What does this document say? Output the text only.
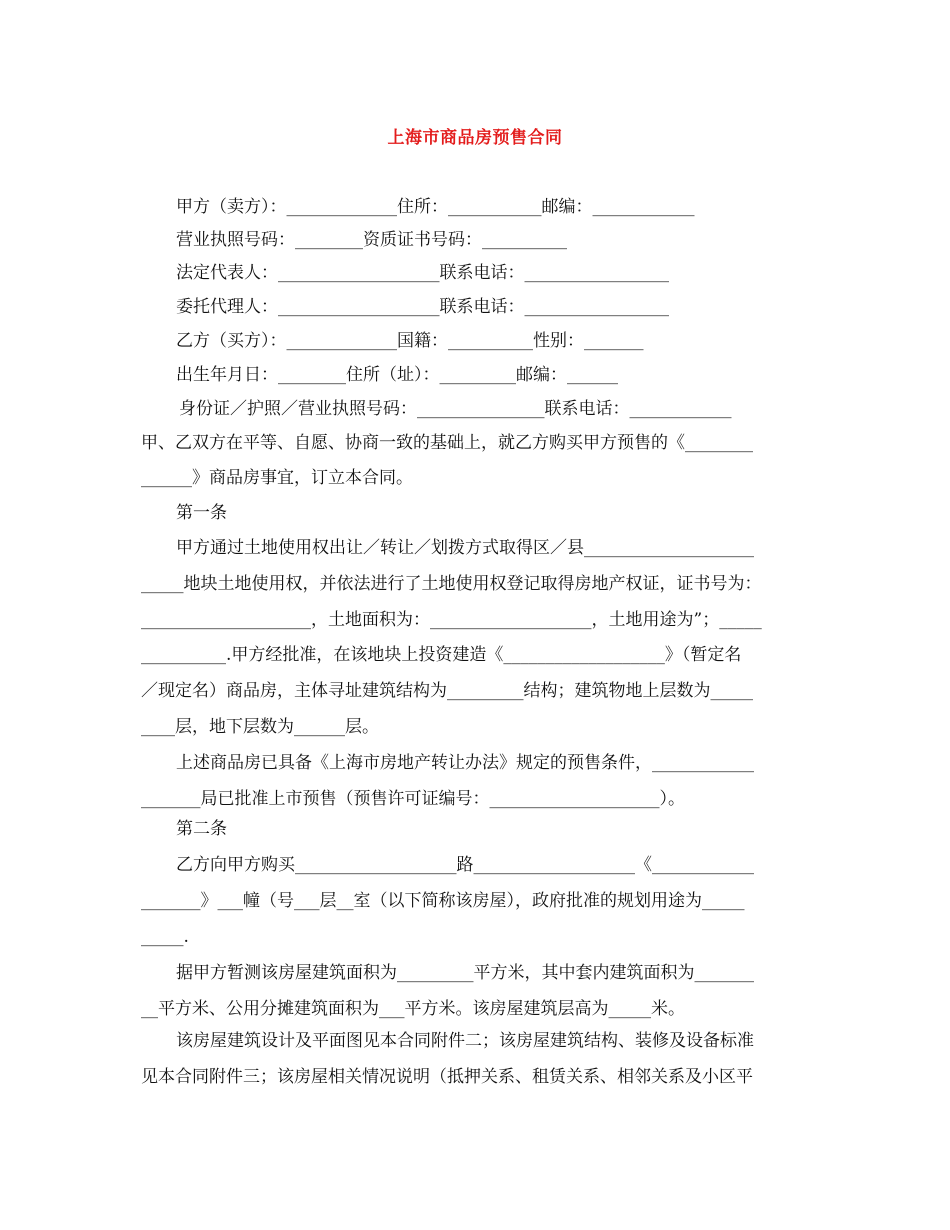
上海市商品房预售合同
甲方（卖方）：_____________住所：___________邮编：____________
营业执照号码：________资质证书号码：__________
法定代表人：___________________联系电话：_________________
委托代理人：___________________联系电话：_________________
乙方（买方）：_____________国籍：__________性别：_______
出生年月日：________住所（址）：_________邮编：______
身份证／护照／营业执照号码：_______________联系电话：____________
甲、乙双方在平等、自愿、协商一致的基础上，就乙方购买甲方预售的《________
______》商品房事宜，订立本合同。
第一条
甲方通过土地使用权出让／转让／划拨方式取得区／县____________________
_____地块土地使用权，并依法进行了土地使用权登记取得房地产权证，证书号为：
____________________，土地面积为：___________________，土地用途为”；_____
__________.甲方经批准，在该地块上投资建造《___________________》（暂定名
／现定名）商品房，主体寻址建筑结构为_________结构；建筑物地上层数为_____
____层，地下层数为______层。
上述商品房已具备《上海市房地产转让办法》规定的预售条件，____________
_______局已批准上市预售（预售许可证编号：____________________）。
第二条
乙方向甲方购买___________________路___________________《____________
_______》___幢（号___层__室（以下简称该房屋），政府批准的规划用途为_____
_____.
据甲方暂测该房屋建筑面积为_________平方米，其中套内建筑面积为_______
__平方米、公用分摊建筑面积为___平方米。该房屋建筑层高为_____米。
该房屋建筑设计及平面图见本合同附件二；该房屋建筑结构、装修及设备标准
见本合同附件三；该房屋相关情况说明（抵押关系、租赁关系、相邻关系及小区平
